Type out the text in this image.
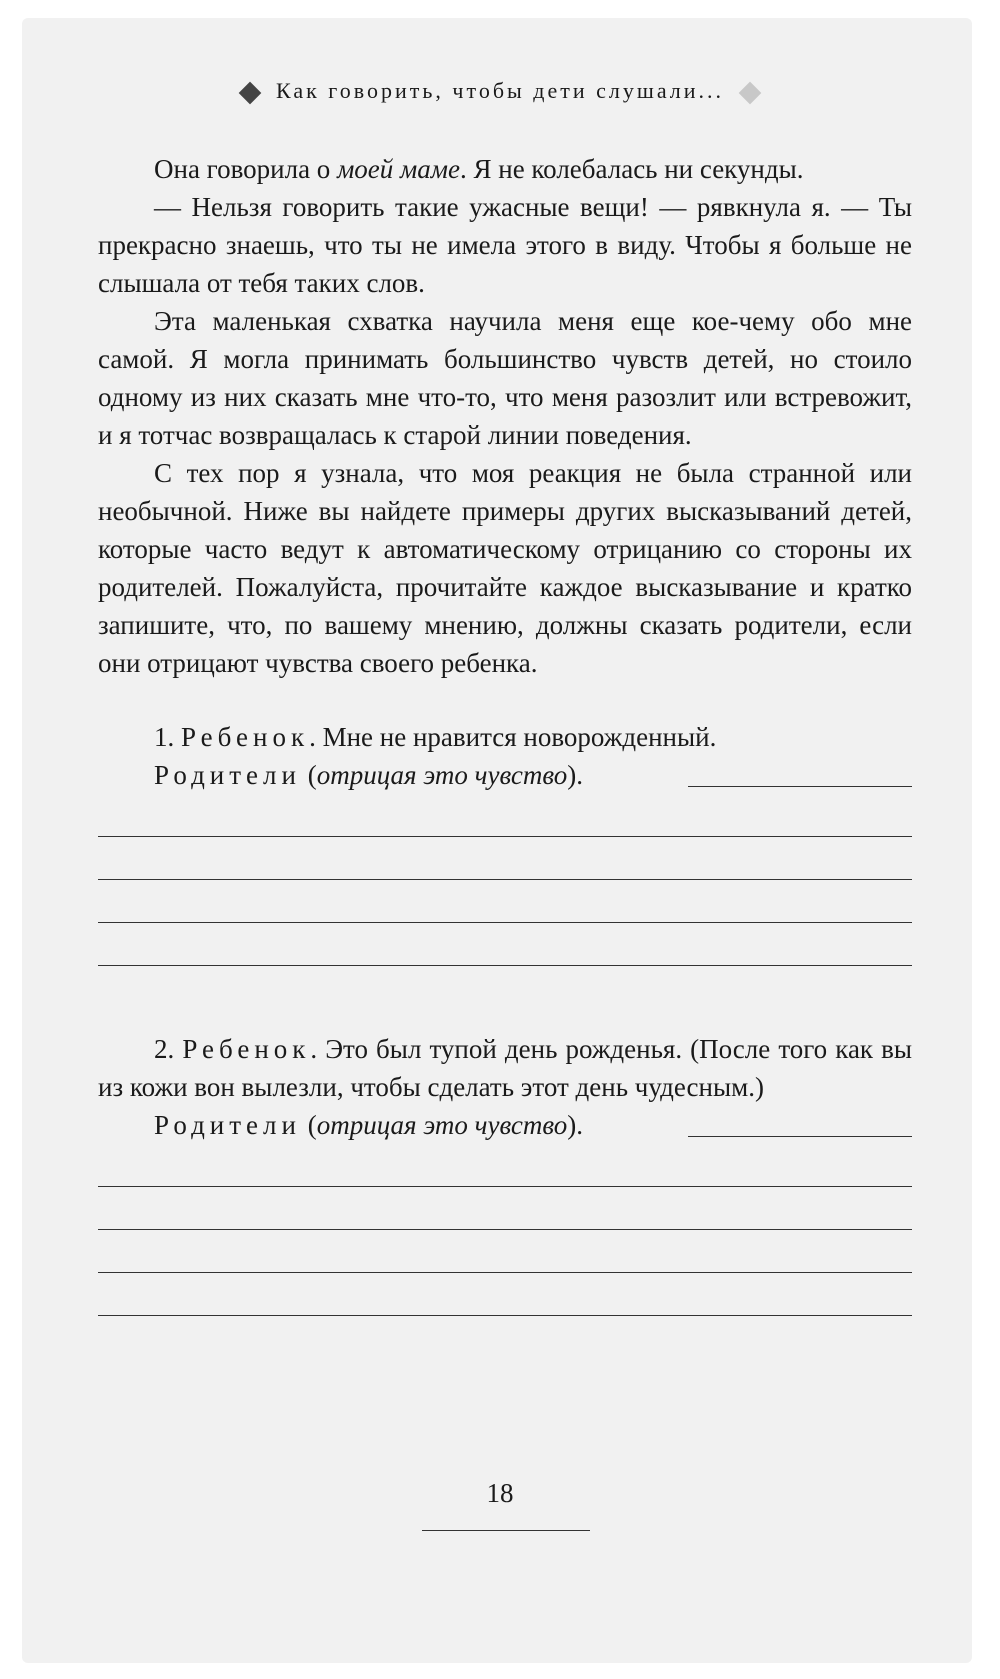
Как говорить, чтобы дети слушали...

Она говорила о моей маме. Я не колебалась ни секунды.

— Нельзя говорить такие ужасные вещи! — рявкнула я. — Ты прекрасно знаешь, что ты не имела этого в виду. Чтобы я больше не слышала от тебя таких слов.

Эта маленькая схватка научила меня еще кое-чему обо мне самой. Я могла принимать большинство чувств детей, но стоило одному из них сказать мне что-то, что меня разозлит или встревожит, и я тотчас возвращалась к старой линии поведения.

С тех пор я узнала, что моя реакция не была странной или необычной. Ниже вы найдете примеры других высказываний детей, которые часто ведут к автоматическому отрицанию со стороны их родителей. Пожалуйста, прочитайте каждое высказывание и кратко запишите, что, по вашему мнению, должны сказать родители, если они отрицают чувства своего ребенка.

1. Ребенок. Мне не нравится новорожденный.

Родители (отрицая это чувство).

2. Ребенок. Это был тупой день рожденья. (После того как вы из кожи вон вылезли, чтобы сделать этот день чудесным.)

Родители (отрицая это чувство).

18
